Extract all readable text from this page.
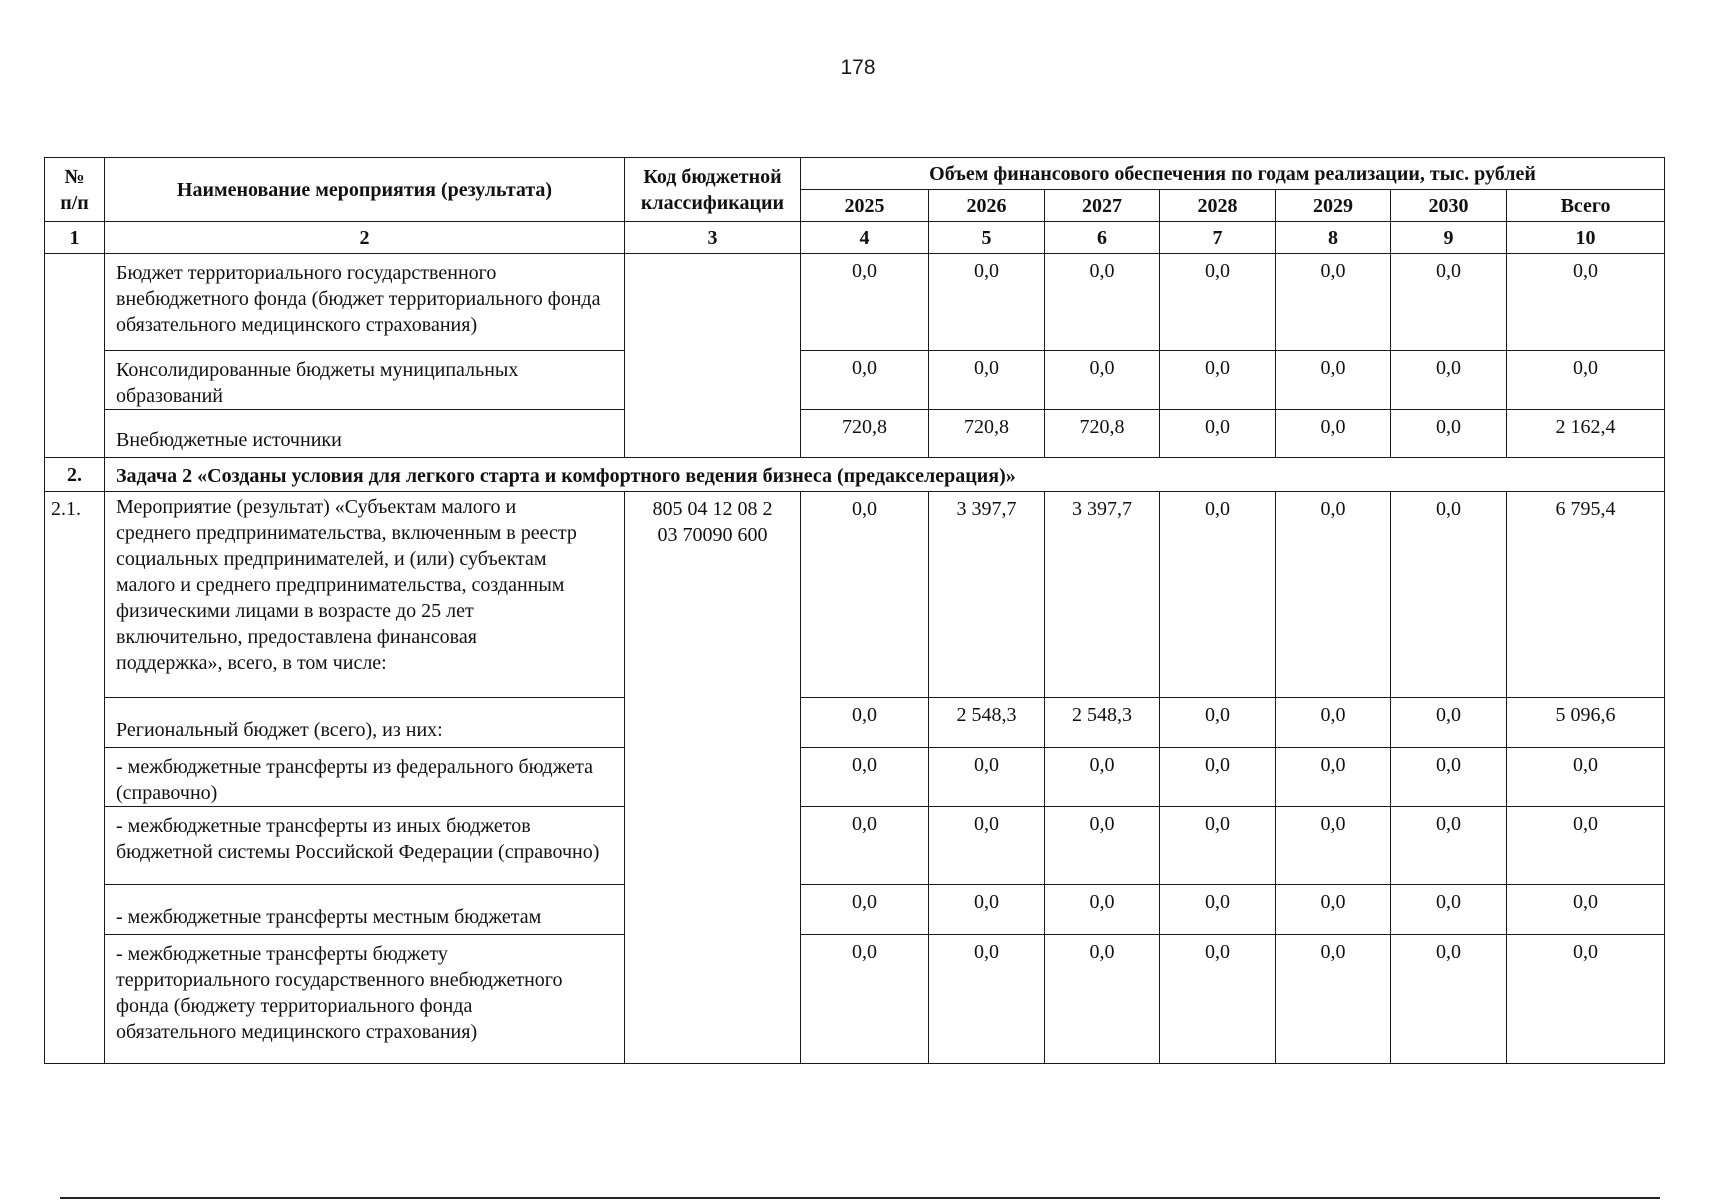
178
№
п/п	Наименование мероприятия (результата)	Код бюджетной классификации	Объем финансового обеспечения по годам реализации, тыс. рублей						
			2025	2026	2027	2028	2029	2030	Всего
1	2	3	4	5	6	7	8	9	10
	Бюджет территориального государственного внебюджетного фонда (бюджет территориального фонда обязательного медицинского страхования)		0,0	0,0	0,0	0,0	0,0	0,0	0,0
	Консолидированные бюджеты муниципальных образований		0,0	0,0	0,0	0,0	0,0	0,0	0,0
	Внебюджетные источники		720,8	720,8	720,8	0,0	0,0	0,0	2 162,4
2.	Задача 2 «Созданы условия для легкого старта и комфортного ведения бизнеса (предакселерация)»								
2.1.	Мероприятие (результат) «Субъектам малого и среднего предпринимательства, включенным в реестр социальных предпринимателей, и (или) субъектам малого и среднего предпринимательства, созданным физическими лицами в возрасте до 25 лет включительно, предоставлена финансовая поддержка», всего, в том числе:	805 04 12 08 2 03 70090 600	0,0	3 397,7	3 397,7	0,0	0,0	0,0	6 795,4
	Региональный бюджет (всего), из них:		0,0	2 548,3	2 548,3	0,0	0,0	0,0	5 096,6
	- межбюджетные трансферты из федерального бюджета (справочно)		0,0	0,0	0,0	0,0	0,0	0,0	0,0
	- межбюджетные трансферты из иных бюджетов бюджетной системы Российской Федерации (справочно)		0,0	0,0	0,0	0,0	0,0	0,0	0,0
	- межбюджетные трансферты местным бюджетам		0,0	0,0	0,0	0,0	0,0	0,0	0,0
	- межбюджетные трансферты бюджету территориального государственного внебюджетного фонда (бюджету территориального фонда обязательного медицинского страхования)		0,0	0,0	0,0	0,0	0,0	0,0	0,0
